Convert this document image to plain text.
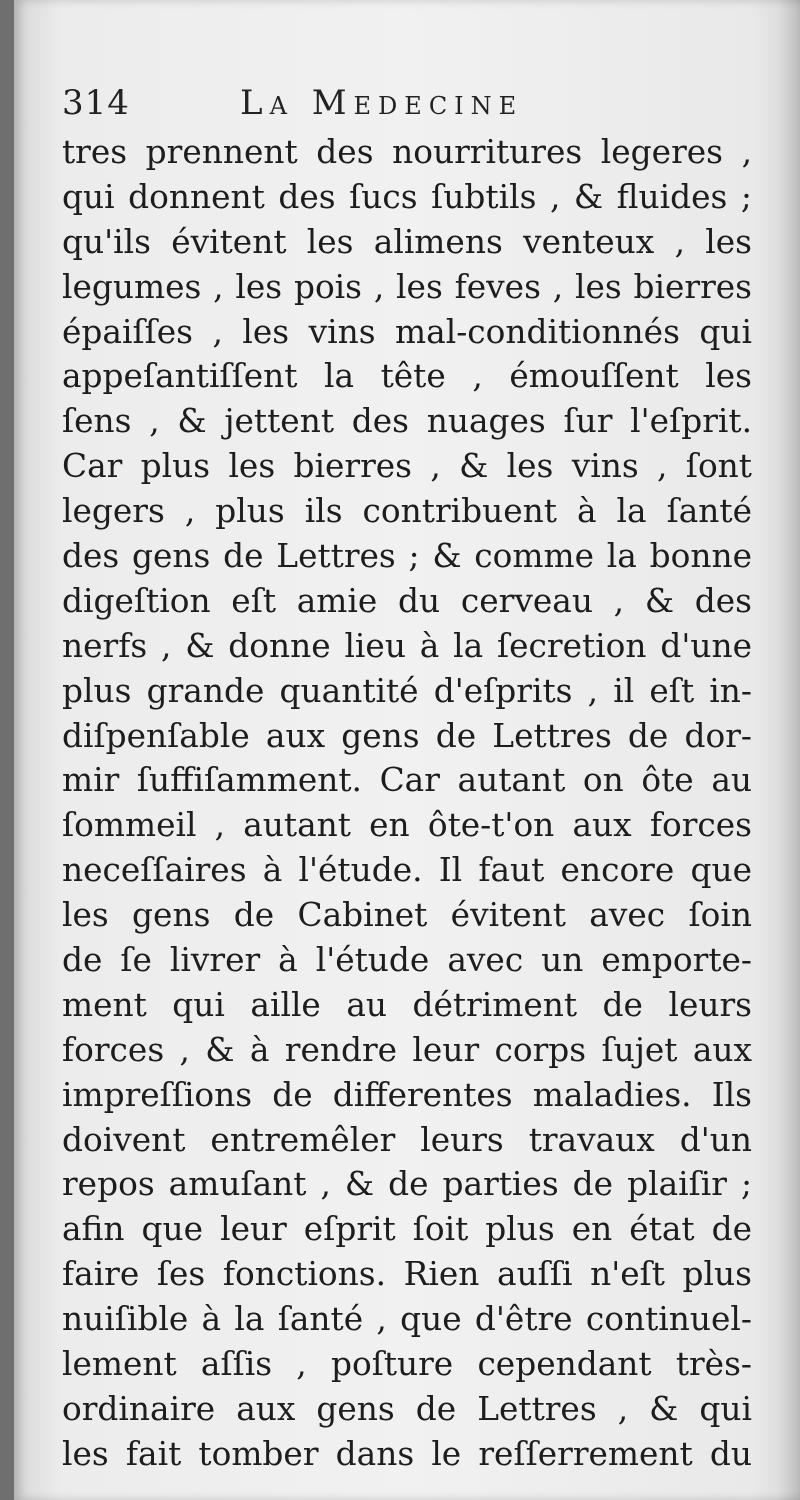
314	La Medecine
tres prennent des nourritures legeres ,
qui donnent des ſucs ſubtils , & fluides ;
qu'ils évitent les alimens venteux , les
legumes , les pois , les feves , les bierres
épaiſſes , les vins mal-conditionnés qui
appeſantiſſent la tête , émouſſent les
ſens , & jettent des nuages ſur l'eſprit.
Car plus les bierres , & les vins , ſont
legers , plus ils contribuent à la ſanté
des gens de Lettres ; & comme la bonne
digeſtion eſt amie du cerveau , & des
nerfs , & donne lieu à la ſecretion d'une
plus grande quantité d'eſprits , il eſt in-
diſpenſable aux gens de Lettres de dor-
mir ſuffiſamment. Car autant on ôte au
ſommeil , autant en ôte-t'on aux forces
neceſſaires à l'étude. Il faut encore que
les gens de Cabinet évitent avec ſoin
de ſe livrer à l'étude avec un emporte-
ment qui aille au détriment de leurs
forces , & à rendre leur corps ſujet aux
impreſſions de differentes maladies. Ils
doivent entremêler leurs travaux d'un
repos amuſant , & de parties de plaiſir ;
afin que leur eſprit ſoit plus en état de
faire ſes fonctions. Rien auſſi n'eſt plus
nuiſible à la ſanté , que d'être continuel-
lement aſſis , poſture cependant très-
ordinaire aux gens de Lettres , & qui
les fait tomber dans le reſſerrement du
